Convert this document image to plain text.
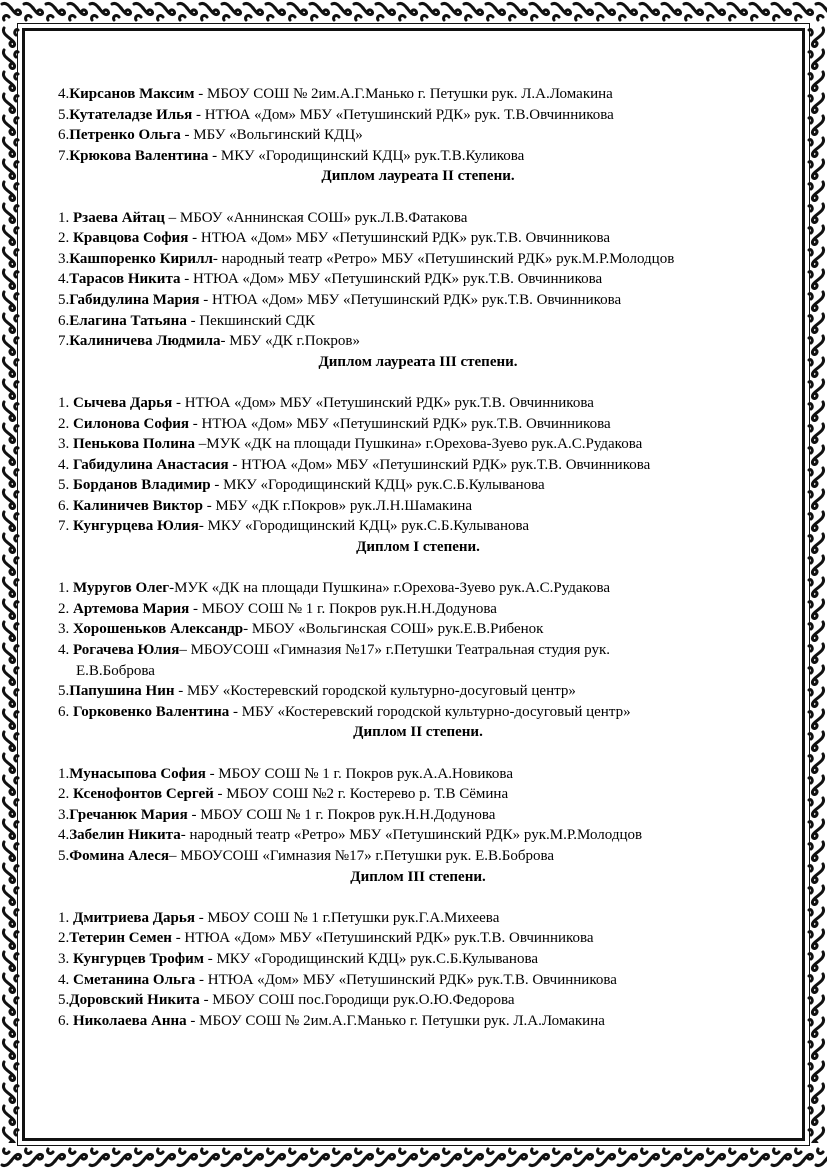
4.Кирсанов Максим - МБОУ СОШ № 2им.А.Г.Манько г. Петушки рук. Л.А.Ломакина
5.Кутателадзе Илья - НТЮА «Дом» МБУ «Петушинский РДК» рук. Т.В.Овчинникова
6.Петренко Ольга - МБУ «Вольгинский КДЦ»
7.Крюкова Валентина - МКУ «Городищинский КДЦ» рук.Т.В.Куликова
Диплом лауреата II степени.
1. Рзаева Айтац – МБОУ «Аннинская СОШ» рук.Л.В.Фатакова
2. Кравцова София - НТЮА «Дом» МБУ «Петушинский РДК» рук.Т.В. Овчинникова
3.Кашпоренко Кирилл- народный театр «Ретро» МБУ «Петушинский РДК» рук.М.Р.Молодцов
4.Тарасов Никита - НТЮА «Дом» МБУ «Петушинский РДК» рук.Т.В. Овчинникова
5.Габидулина Мария - НТЮА «Дом» МБУ «Петушинский РДК» рук.Т.В. Овчинникова
6.Елагина Татьяна - Пекшинский СДК
7.Калиничева Людмила- МБУ «ДК г.Покров»
Диплом лауреата III степени.
1. Сычева Дарья - НТЮА «Дом» МБУ «Петушинский РДК» рук.Т.В. Овчинникова
2. Силонова София - НТЮА «Дом» МБУ «Петушинский РДК» рук.Т.В. Овчинникова
3. Пенькова Полина –МУК «ДК на площади Пушкина» г.Орехова-Зуево рук.А.С.Рудакова
4. Габидулина Анастасия - НТЮА «Дом» МБУ «Петушинский РДК» рук.Т.В. Овчинникова
5. Борданов Владимир - МКУ «Городищинский КДЦ» рук.С.Б.Кулыванова
6. Калиничев Виктор - МБУ «ДК г.Покров» рук.Л.Н.Шамакина
7. Кунгурцева Юлия- МКУ «Городищинский КДЦ» рук.С.Б.Кулыванова
Диплом I степени.
1. Муругов Олег-МУК «ДК на площади Пушкина» г.Орехова-Зуево рук.А.С.Рудакова
2. Артемова Мария - МБОУ СОШ № 1 г. Покров рук.Н.Н.Додунова
3. Хорошеньков Александр- МБОУ «Вольгинская СОШ» рук.Е.В.Рибенок
4. Рогачева Юлия– МБОУСОШ «Гимназия №17» г.Петушки Театральная студия рук.
Е.В.Боброва
5.Папушина Нин - МБУ «Костеревский городской культурно-досуговый центр»
6. Горковенко Валентина - МБУ «Костеревский городской культурно-досуговый центр»
Диплом II степени.
1.Мунасыпова София - МБОУ СОШ № 1 г. Покров рук.А.А.Новикова
2. Ксенофонтов Сергей - МБОУ СОШ №2 г. Костерево р. Т.В Сёмина
3.Гречанюк Мария - МБОУ СОШ № 1 г. Покров рук.Н.Н.Додунова
4.Забелин Никита- народный театр «Ретро» МБУ «Петушинский РДК» рук.М.Р.Молодцов
5.Фомина Алеся– МБОУСОШ «Гимназия №17» г.Петушки рук. Е.В.Боброва
Диплом III степени.
1. Дмитриева Дарья - МБОУ СОШ № 1 г.Петушки рук.Г.А.Михеева
2.Тетерин Семен - НТЮА «Дом» МБУ «Петушинский РДК» рук.Т.В. Овчинникова
3. Кунгурцев Трофим - МКУ «Городищинский КДЦ» рук.С.Б.Кулыванова
4. Сметанина Ольга - НТЮА «Дом» МБУ «Петушинский РДК» рук.Т.В. Овчинникова
5.Доровский Никита - МБОУ СОШ пос.Городищи рук.О.Ю.Федорова
6. Николаева Анна - МБОУ СОШ № 2им.А.Г.Манько г. Петушки рук. Л.А.Ломакина
